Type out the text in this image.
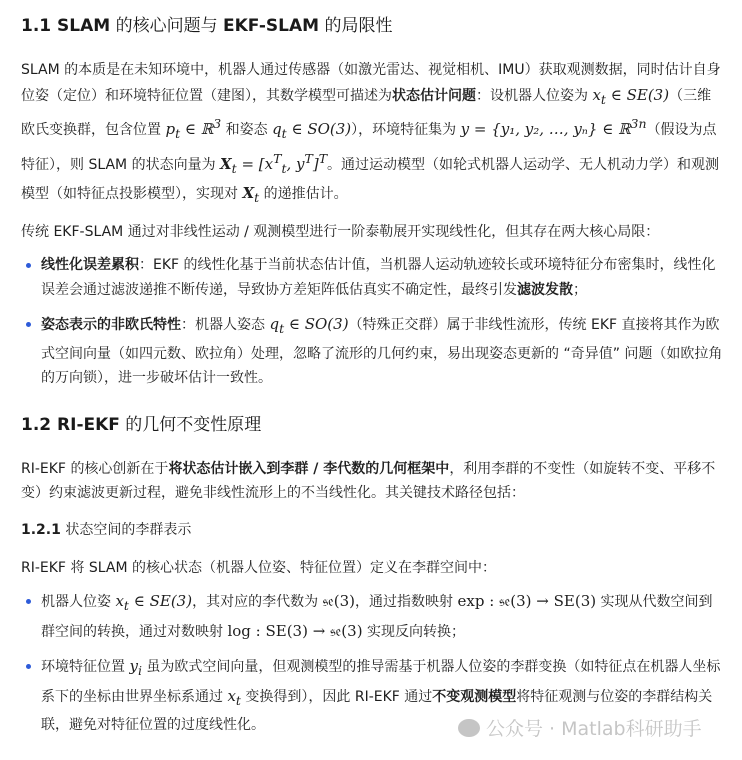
1.1 SLAM 的核心问题与 EKF-SLAM 的局限性

SLAM 的本质是在未知环境中，机器人通过传感器（如激光雷达、视觉相机、IMU）获取观测数据，同时估计自身位姿（定位）和环境特征位置（建图），其数学模型可描述为状态估计问题：设机器人位姿为 $x_t$ ∈ SE(3)（三维欧氏变换群，包含位置 $p_t$ ∈ ℝ$^3$ 和姿态 $q_t$ ∈ SO(3)），环境特征集为 y = {y₁, y₂, …, yₙ} ∈ ℝ$^{3n}$（假设为点特征），则 SLAM 的状态向量为 $X_t = [x^T_t$, $y^T]^T$。通过运动模型（如轮式机器人运动学、无人机动力学）和观测模型（如特征点投影模型），实现对 $X_t$ 的递推估计。

传统 EKF-SLAM 通过对非线性运动 / 观测模型进行一阶泰勒展开实现线性化，但其存在两大核心局限：

线性化误差累积：EKF 的线性化基于当前状态估计值，当机器人运动轨迹较长或环境特征分布密集时，线性化误差会通过滤波递推不断传递，导致协方差矩阵低估真实不确定性，最终引发滤波发散；
姿态表示的非欧氏特性：机器人姿态 $q_t$ ∈ SO(3)（特殊正交群）属于非线性流形，传统 EKF 直接将其作为欧式空间向量（如四元数、欧拉角）处理，忽略了流形的几何约束，易出现姿态更新的 “奇异值” 问题（如欧拉角的万向锁），进一步破坏估计一致性。
1.2 RI-EKF 的几何不变性原理

RI-EKF 的核心创新在于将状态估计嵌入到李群 / 李代数的几何框架中，利用李群的不变性（如旋转不变、平移不变）约束滤波更新过程，避免非线性流形上的不当线性化。其关键技术路径包括：

1.2.1 状态空间的李群表示

RI-EKF 将 SLAM 的核心状态（机器人位姿、特征位置）定义在李群空间中：

机器人位姿 $x_t$ ∈ SE(3)，其对应的李代数为 𝔰𝔢(3)，通过指数映射 exp : 𝔰𝔢(3) → SE(3) 实现从代数空间到群空间的转换，通过对数映射 log : SE(3) → 𝔰𝔢(3) 实现反向转换；
环境特征位置 $y_i$ 虽为欧式空间向量，但观测模型的推导需基于机器人位姿的李群变换（如特征点在机器人坐标系下的坐标由世界坐标系通过 $x_t$ 变换得到），因此 RI-EKF 通过不变观测模型将特征观测与位姿的李群结构关联，避免对特征位置的过度线性化。	公众号 · Matlab科研助手
